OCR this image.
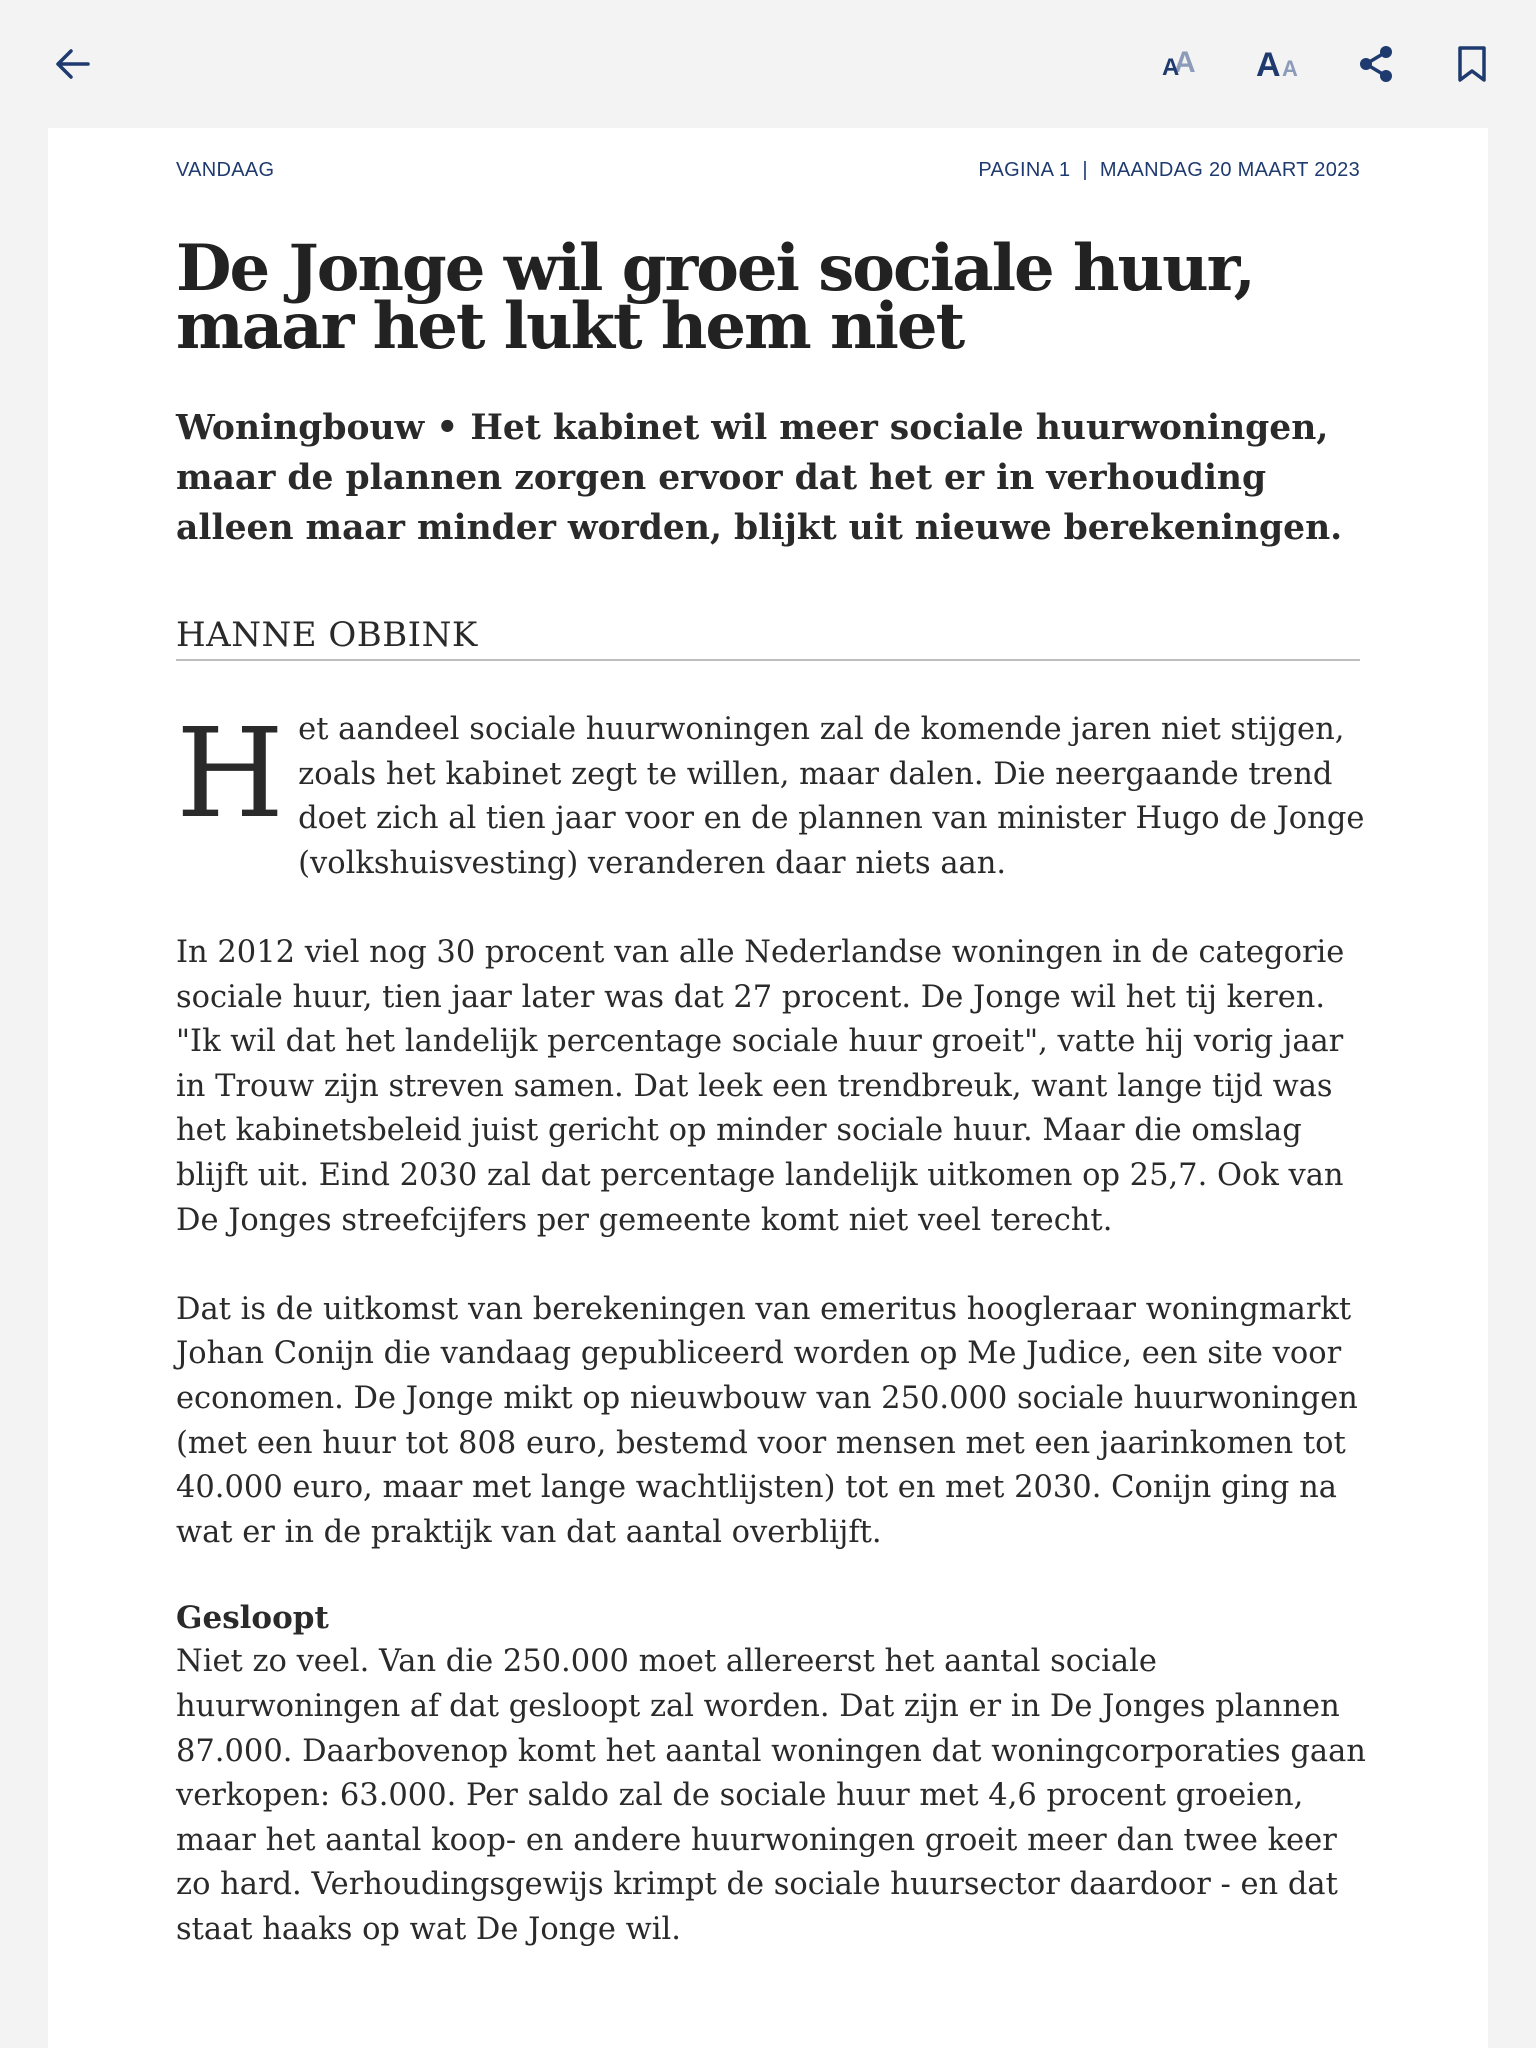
A
A A A
VANDAAG	PAGINA 1 | MAANDAG 20 MAART 2023
De Jonge wil groei sociale huur, maar het lukt hem niet

Woningbouw • Het kabinet wil meer sociale huurwoningen, maar de plannen zorgen ervoor dat het er in verhouding alleen maar minder worden, blijkt uit nieuwe berekeningen.

HANNE OBBINK

Het aandeel sociale huurwoningen zal de komende jaren niet stijgen, zoals het kabinet zegt te willen, maar dalen. Die neergaande trend doet zich al tien jaar voor en de plannen van minister Hugo de Jonge (volkshuisvesting) veranderen daar niets aan.

In 2012 viel nog 30 procent van alle Nederlandse woningen in de categorie sociale huur, tien jaar later was dat 27 procent. De Jonge wil het tij keren. "Ik wil dat het landelijk percentage sociale huur groeit", vatte hij vorig jaar in Trouw zijn streven samen. Dat leek een trendbreuk, want lange tijd was het kabinetsbeleid juist gericht op minder sociale huur. Maar die omslag blijft uit. Eind 2030 zal dat percentage landelijk uitkomen op 25,7. Ook van De Jonges streefcijfers per gemeente komt niet veel terecht.

Dat is de uitkomst van berekeningen van emeritus hoogleraar woningmarkt Johan Conijn die vandaag gepubliceerd worden op Me Judice, een site voor economen. De Jonge mikt op nieuwbouw van 250.000 sociale huurwoningen (met een huur tot 808 euro, bestemd voor mensen met een jaarinkomen tot 40.000 euro, maar met lange wachtlijsten) tot en met 2030. Conijn ging na wat er in de praktijk van dat aantal overblijft.

Gesloopt

Niet zo veel. Van die 250.000 moet allereerst het aantal sociale huurwoningen af dat gesloopt zal worden. Dat zijn er in De Jonges plannen 87.000. Daarbovenop komt het aantal woningen dat woningcorporaties gaan verkopen: 63.000. Per saldo zal de sociale huur met 4,6 procent groeien, maar het aantal koop- en andere huurwoningen groeit meer dan twee keer zo hard. Verhoudingsgewijs krimpt de sociale huursector daardoor - en dat staat haaks op wat De Jonge wil.
